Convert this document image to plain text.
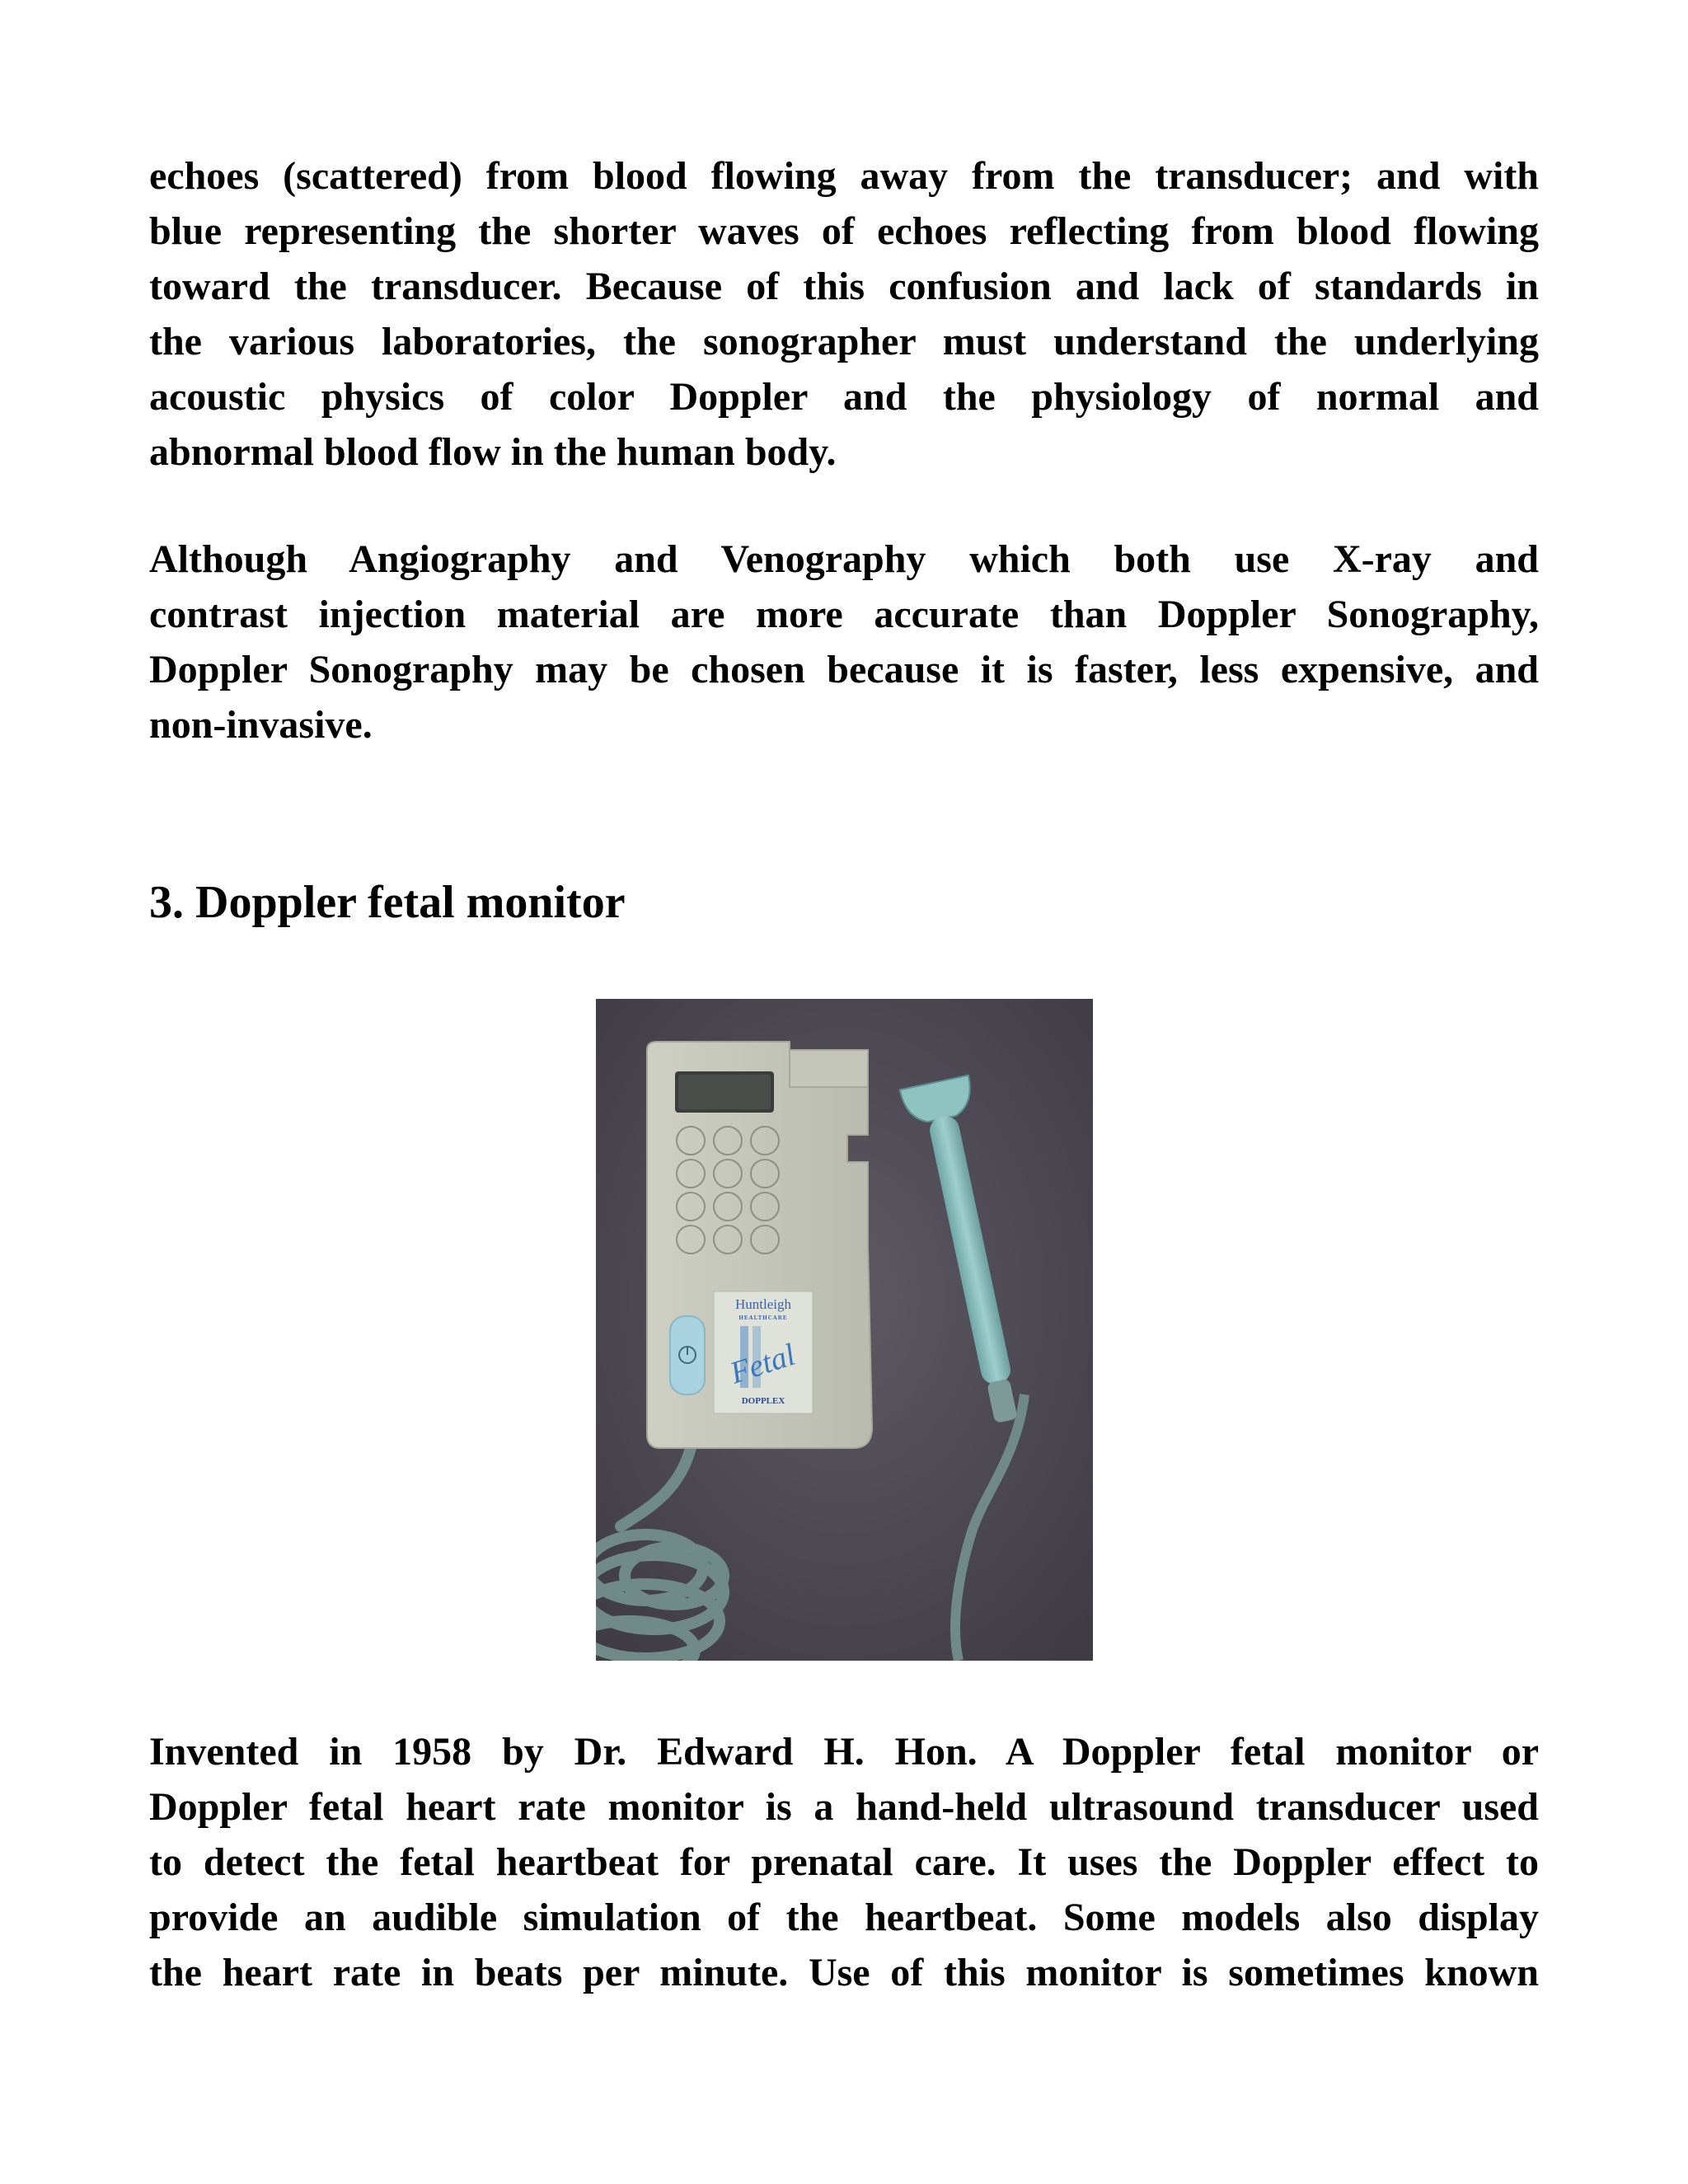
echoes (scattered) from blood flowing away from the transducer; and with
blue representing the shorter waves of echoes reflecting from blood flowing
toward the transducer. Because of this confusion and lack of standards in
the various laboratories, the sonographer must understand the underlying
acoustic physics of color Doppler and the physiology of normal and
abnormal blood flow in the human body.

Although Angiography and Venography which both use X-ray and
contrast injection material are more accurate than Doppler Sonography,
Doppler Sonography may be chosen because it is faster, less expensive, and
non-invasive.

3. Doppler fetal monitor
Huntleigh
HEALTHCARE
Fetal
DOPPLEX

Invented in 1958 by Dr. Edward H. Hon. A Doppler fetal monitor or
Doppler fetal heart rate monitor is a hand-held ultrasound transducer used
to detect the fetal heartbeat for prenatal care. It uses the Doppler effect to
provide an audible simulation of the heartbeat. Some models also display
the heart rate in beats per minute. Use of this monitor is sometimes known
